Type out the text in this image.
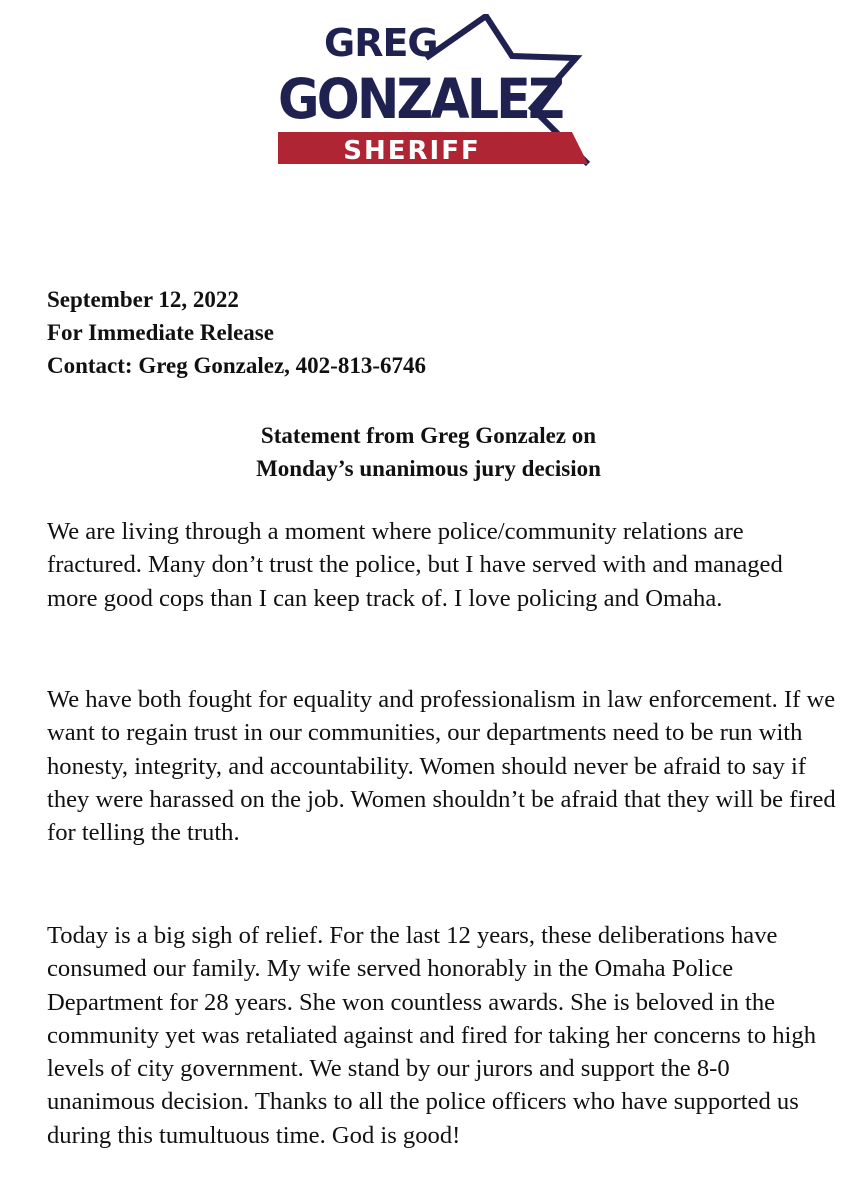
GREG
GONZALEZ
SHERIFF
September 12, 2022
For Immediate Release
Contact: Greg Gonzalez, 402-813-6746
Statement from Greg Gonzalez on
Monday’s unanimous jury decision

We are living through a moment where police/community relations are fractured. Many don’t trust the police, but I have served with and managed more good cops than I can keep track of. I love policing and Omaha.

We have both fought for equality and professionalism in law enforcement. If we want to regain trust in our communities, our departments need to be run with honesty, integrity, and accountability. Women should never be afraid to say if they were harassed on the job. Women shouldn’t be afraid that they will be fired for telling the truth.

Today is a big sigh of relief. For the last 12 years, these deliberations have consumed our family. My wife served honorably in the Omaha Police Department for 28 years. She won countless awards. She is beloved in the community yet was retaliated against and fired for taking her concerns to high levels of city government. We stand by our jurors and support the 8-0 unanimous decision. Thanks to all the police officers who have supported us during this tumultuous time. God is good!
